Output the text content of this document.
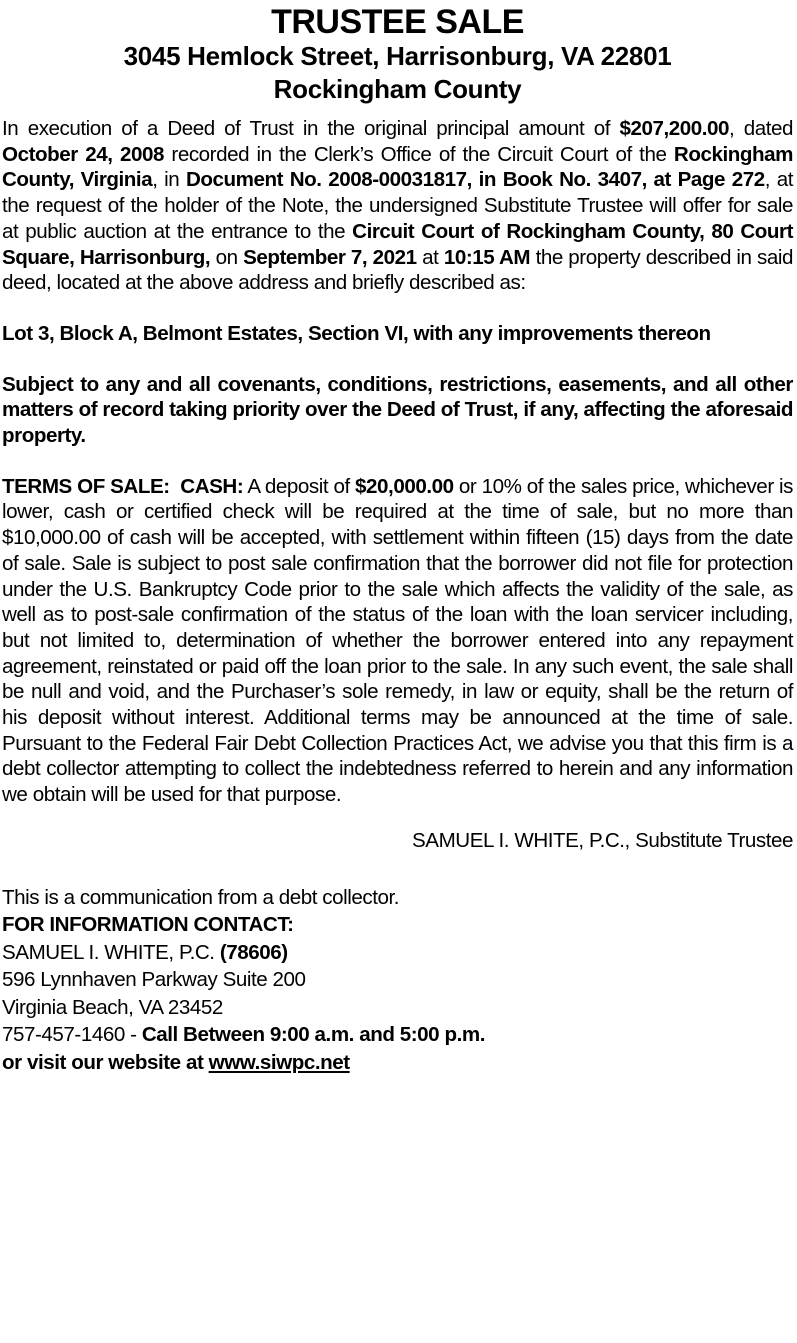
TRUSTEE SALE
3045 Hemlock Street, Harrisonburg, VA 22801
Rockingham County

In execution of a Deed of Trust in the original principal amount of $207,200.00, dated October 24, 2008 recorded in the Clerk’s Office of the Circuit Court of the Rockingham County, Virginia, in Document No. 2008-00031817, in Book No. 3407, at Page 272, at the request of the holder of the Note, the undersigned Substitute Trustee will offer for sale at public auction at the entrance to the Circuit Court of Rockingham County, 80 Court Square, Harrisonburg, on September 7, 2021 at 10:15 AM the property described in said deed, located at the above address and briefly described as:

Lot 3, Block A, Belmont Estates, Section VI, with any improvements thereon

Subject to any and all covenants, conditions, restrictions, easements, and all other matters of record taking priority over the Deed of Trust, if any, affecting the aforesaid property.

TERMS OF SALE: CASH: A deposit of $20,000.00 or 10% of the sales price, whichever is lower, cash or certified check will be required at the time of sale, but no more than $10,000.00 of cash will be accepted, with settlement within fifteen (15) days from the date of sale. Sale is subject to post sale confirmation that the borrower did not file for protection under the U.S. Bankruptcy Code prior to the sale which affects the validity of the sale, as well as to post-sale confirmation of the status of the loan with the loan servicer including, but not limited to, determination of whether the borrower entered into any repayment agreement, reinstated or paid off the loan prior to the sale. In any such event, the sale shall be null and void, and the Purchaser’s sole remedy, in law or equity, shall be the return of his deposit without interest. Additional terms may be announced at the time of sale. Pursuant to the Federal Fair Debt Collection Practices Act, we advise you that this firm is a debt collector attempting to collect the indebtedness referred to herein and any information we obtain will be used for that purpose.

SAMUEL I. WHITE, P.C., Substitute Trustee
This is a communication from a debt collector.
FOR INFORMATION CONTACT:
SAMUEL I. WHITE, P.C. (78606)
596 Lynnhaven Parkway Suite 200
Virginia Beach, VA 23452
757-457-1460 - Call Between 9:00 a.m. and 5:00 p.m.
or visit our website at www.siwpc.net
